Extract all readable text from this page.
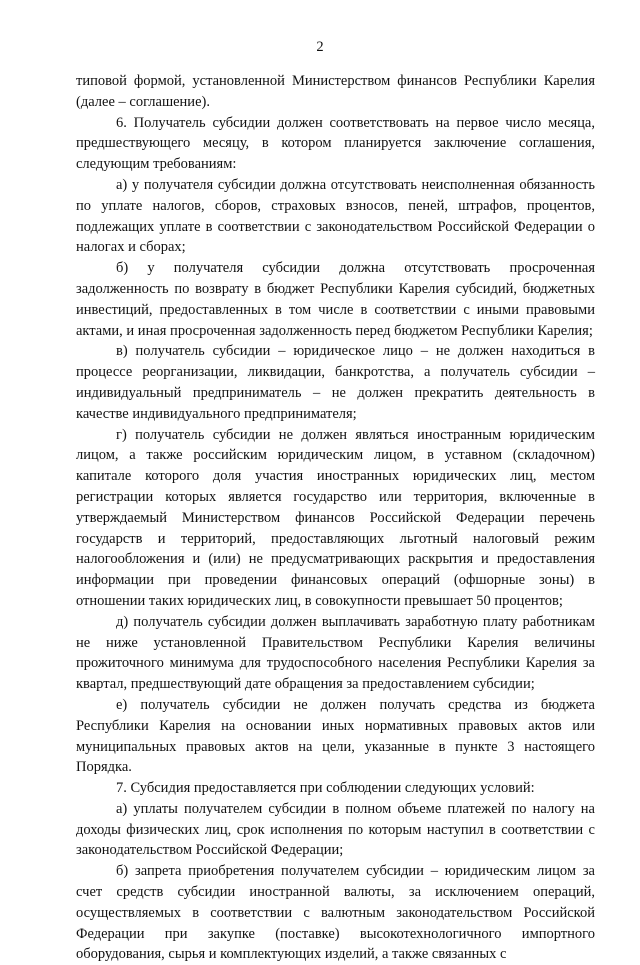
2

типовой формой, установленной Министерством финансов Республики Карелия (далее – соглашение).

6. Получатель субсидии должен соответствовать на первое число месяца, предшествующего месяцу, в котором планируется заключение соглашения, следующим требованиям:

а) у получателя субсидии должна отсутствовать неисполненная обязанность по уплате налогов, сборов, страховых взносов, пеней, штрафов, процентов, подлежащих уплате в соответствии с законодательством Российской Федерации о налогах и сборах;

б) у получателя субсидии должна отсутствовать просроченная задолженность по возврату в бюджет Республики Карелия субсидий, бюджетных инвестиций, предоставленных в том числе в соответствии с иными правовыми актами, и иная просроченная задолженность перед бюджетом Республики Карелия;

в) получатель субсидии – юридическое лицо – не должен находиться в процессе реорганизации, ликвидации, банкротства, а получатель субсидии – индивидуальный предприниматель – не должен прекратить деятельность в качестве индивидуального предпринимателя;

г) получатель субсидии не должен являться иностранным юридическим лицом, а также российским юридическим лицом, в уставном (складочном) капитале которого доля участия иностранных юридических лиц, местом регистрации которых является государство или территория, включенные в утверждаемый Министерством финансов Российской Федерации перечень государств и территорий, предоставляющих льготный налоговый режим налогообложения и (или) не предусматривающих раскрытия и предоставления информации при проведении финансовых операций (офшорные зоны) в отношении таких юридических лиц, в совокупности превышает 50 процентов;

д) получатель субсидии должен выплачивать заработную плату работникам не ниже установленной Правительством Республики Карелия величины прожиточного минимума для трудоспособного населения Республики Карелия за квартал, предшествующий дате обращения за предоставлением субсидии;

е) получатель субсидии не должен получать средства из бюджета Республики Карелия на основании иных нормативных правовых актов или муниципальных правовых актов на цели, указанные в пункте 3 настоящего Порядка.

7. Субсидия предоставляется при соблюдении следующих условий:

а) уплаты получателем субсидии в полном объеме платежей по налогу на доходы физических лиц, срок исполнения по которым наступил в соответствии с законодательством Российской Федерации;

б) запрета приобретения получателем субсидии – юридическим лицом за счет средств субсидии иностранной валюты, за исключением операций, осуществляемых в соответствии с валютным законодательством Российской Федерации при закупке (поставке) высокотехнологичного импортного оборудования, сырья и комплектующих изделий, а также связанных с
